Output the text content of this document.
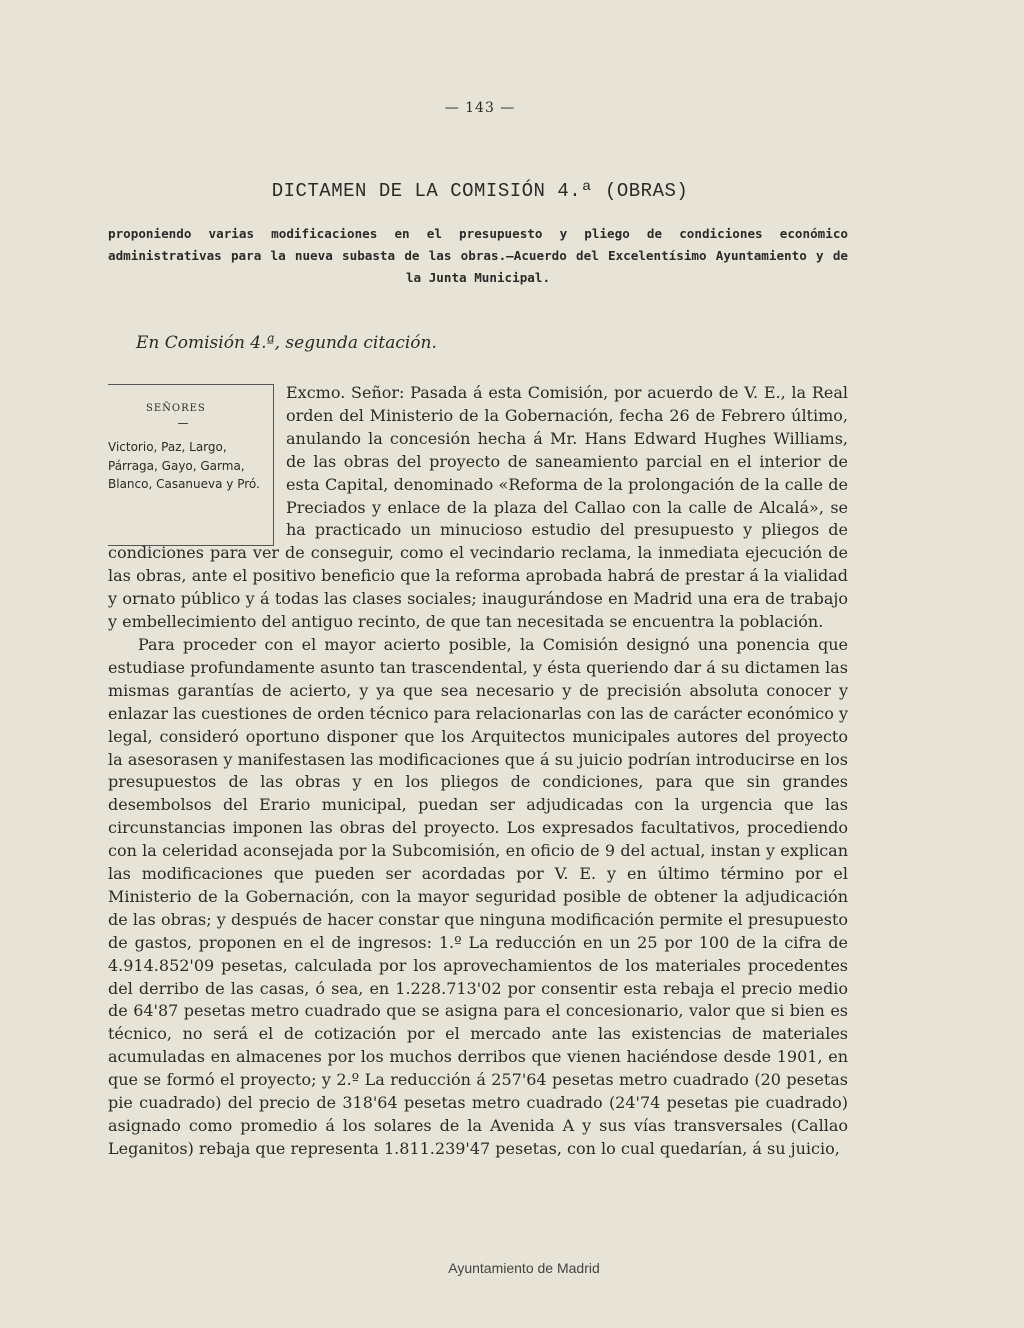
— 143 —
DICTAMEN DE LA COMISIÓN 4.ª (OBRAS)

proponiendo varias modificaciones en el presupuesto y pliego de condiciones económico administrativas para la nueva subasta de las obras.—Acuerdo del Excelentísimo Ayuntamiento y de la Junta Municipal.

En Comisión 4.ª, segunda citación.
SEÑORES
Victorio, Paz, Largo, Párraga, Gayo, Garma, Blanco, Casanueva y Pró.

Excmo. Señor: Pasada á esta Comisión, por acuerdo de V. E., la Real orden del Ministerio de la Gobernación, fecha 26 de Febrero último, anulando la concesión hecha á Mr. Hans Edward Hughes Williams, de las obras del proyecto de saneamiento parcial en el interior de esta Capital, denominado «Reforma de la prolongación de la calle de Preciados y enlace de la plaza del Callao con la calle de Alcalá», se ha practicado un minucioso estudio del presupuesto y pliegos de condiciones para ver de conseguir, como el vecindario reclama, la inmediata ejecución de las obras, ante el positivo beneficio que la reforma aprobada habrá de prestar á la vialidad y ornato público y á todas las clases sociales; inaugurándose en Madrid una era de trabajo y embellecimiento del antiguo recinto, de que tan necesitada se encuentra la población.

Para proceder con el mayor acierto posible, la Comisión designó una ponencia que estudiase profundamente asunto tan trascendental, y ésta queriendo dar á su dictamen las mismas garantías de acierto, y ya que sea necesario y de precisión absoluta conocer y enlazar las cuestiones de orden técnico para relacionarlas con las de carácter económico y legal, consideró oportuno disponer que los Arquitectos municipales autores del proyecto la asesorasen y manifestasen las modificaciones que á su juicio podrían introducirse en los presupuestos de las obras y en los pliegos de condiciones, para que sin grandes desembolsos del Erario municipal, puedan ser adjudicadas con la urgencia que las circunstancias imponen las obras del proyecto. Los expresados facultativos, procediendo con la celeridad aconsejada por la Subcomisión, en oficio de 9 del actual, instan y explican las modificaciones que pueden ser acordadas por V. E. y en último término por el Ministerio de la Gobernación, con la mayor seguridad posible de obtener la adjudicación de las obras; y después de hacer constar que ninguna modificación permite el presupuesto de gastos, proponen en el de ingresos: 1.º La reducción en un 25 por 100 de la cifra de 4.914.852'09 pesetas, calculada por los aprovechamientos de los materiales procedentes del derribo de las casas, ó sea, en 1.228.713'02 por consentir esta rebaja el precio medio de 64'87 pesetas metro cuadrado que se asigna para el concesionario, valor que si bien es técnico, no será el de cotización por el mercado ante las existencias de materiales acumuladas en almacenes por los muchos derribos que vienen haciéndose desde 1901, en que se formó el proyecto; y 2.º La reducción á 257'64 pesetas metro cuadrado (20 pesetas pie cuadrado) del precio de 318'64 pesetas metro cuadrado (24'74 pesetas pie cuadrado) asignado como promedio á los solares de la Avenida A y sus vías transversales (Callao Leganitos) rebaja que representa 1.811.239'47 pesetas, con lo cual quedarían, á su juicio,

Ayuntamiento de Madrid
